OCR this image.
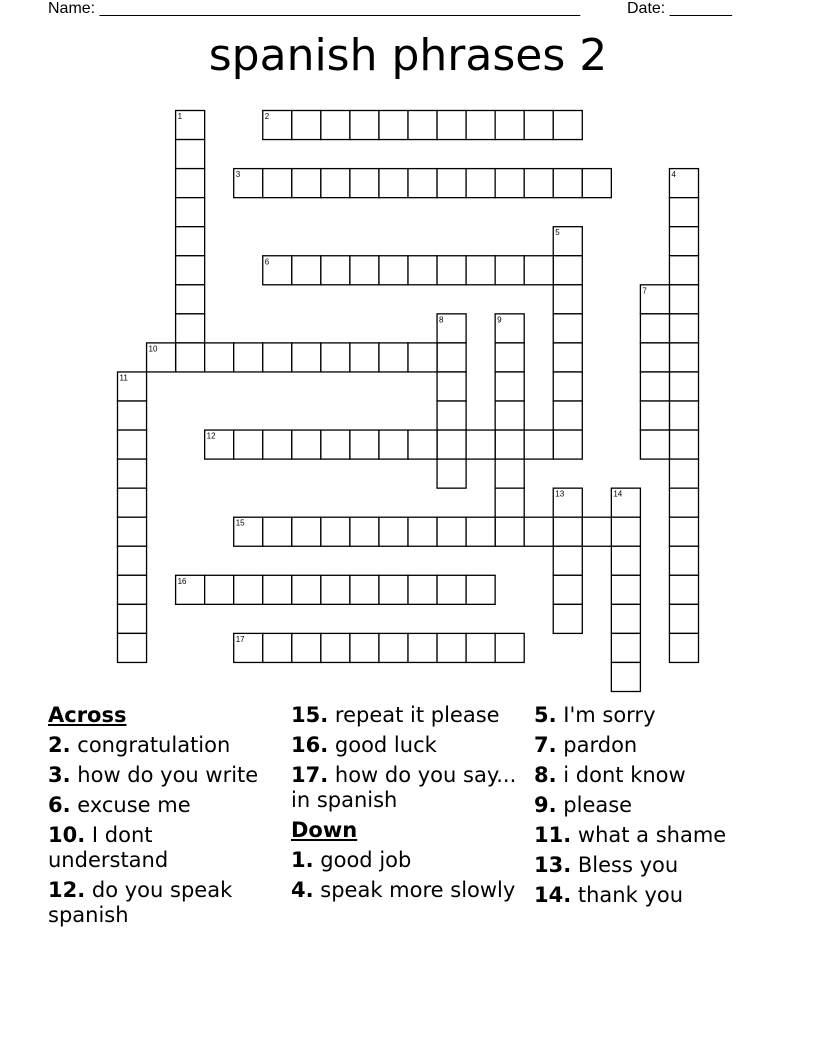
Name: ______________________________________________________	Date: _______
spanish phrases 2
1	2
3	4
5
6
7
8	9
10
11
12
13	14
15
16
17
Across
2. congratulation
3. how do you write
6. excuse me
10. I dont understand
12. do you speak spanish
15. repeat it please
16. good luck
17. how do you say... in spanish
Down
1. good job
4. speak more slowly
5. I'm sorry
7. pardon
8. i dont know
9. please
11. what a shame
13. Bless you
14. thank you
